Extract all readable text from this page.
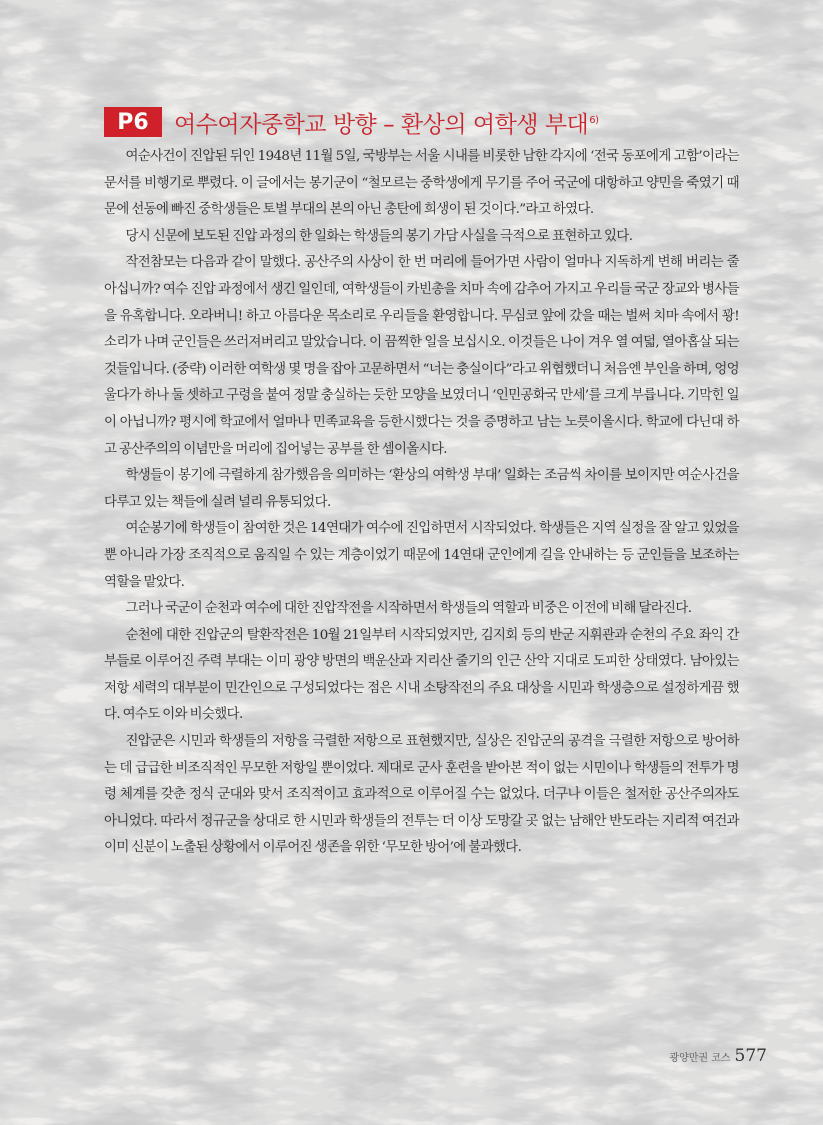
P6	여수여자중학교 방향 – 환상의 여학생 부대$^{6)}$

여순사건이 진압된 뒤인 1948년 11월 5일, 국방부는 서울 시내를 비롯한 남한 각지에 ‘전국 동포에게 고함’이라는 문서를 비행기로 뿌렸다. 이 글에서는 봉기군이 “철모르는 중학생에게 무기를 주어 국군에 대항하고 양민을 죽였기 때문에 선동에 빠진 중학생들은 토벌 부대의 본의 아닌 총탄에 희생이 된 것이다.”라고 하였다.

당시 신문에 보도된 진압 과정의 한 일화는 학생들의 봉기 가담 사실을 극적으로 표현하고 있다.

작전참모는 다음과 같이 말했다. 공산주의 사상이 한 번 머리에 들어가면 사람이 얼마나 지독하게 변해 버리는 줄 아십니까? 여수 진압 과정에서 생긴 일인데, 여학생들이 카빈총을 치마 속에 감추어 가지고 우리들 국군 장교와 병사들을 유혹합니다. 오라버니! 하고 아름다운 목소리로 우리들을 환영합니다. 무심코 앞에 갔을 때는 벌써 치마 속에서 꽝! 소리가 나며 군인들은 쓰러져버리고 말았습니다. 이 끔찍한 일을 보십시오. 이것들은 나이 겨우 열 여덟, 열아홉살 되는 것들입니다. (중략) 이러한 여학생 몇 명을 잡아 고문하면서 “너는 충실이다”라고 위협했더니 처음엔 부인을 하며, 엉엉 울다가 하나 둘 셋하고 구령을 붙여 정말 충실하는 듯한 모양을 보였더니 ‘인민공화국 만세’를 크게 부릅니다. 기막힌 일이 아닙니까? 평시에 학교에서 얼마나 민족교육을 등한시했다는 것을 증명하고 남는 노릇이올시다. 학교에 다닌대 하고 공산주의의 이념만을 머리에 집어넣는 공부를 한 셈이올시다.

학생들이 봉기에 극렬하게 참가했음을 의미하는 ‘환상의 여학생 부대’ 일화는 조금씩 차이를 보이지만 여순사건을 다루고 있는 책들에 실려 널리 유통되었다.

여순봉기에 학생들이 참여한 것은 14연대가 여수에 진입하면서 시작되었다. 학생들은 지역 실정을 잘 알고 있었을 뿐 아니라 가장 조직적으로 움직일 수 있는 계층이었기 때문에 14연대 군인에게 길을 안내하는 등 군인들을 보조하는 역할을 맡았다.

그러나 국군이 순천과 여수에 대한 진압작전을 시작하면서 학생들의 역할과 비중은 이전에 비해 달라진다.

순천에 대한 진압군의 탈환작전은 10월 21일부터 시작되었지만, 김지회 등의 반군 지휘관과 순천의 주요 좌익 간부들로 이루어진 주력 부대는 이미 광양 방면의 백운산과 지리산 줄기의 인근 산악 지대로 도피한 상태였다. 남아있는 저항 세력의 대부분이 민간인으로 구성되었다는 점은 시내 소탕작전의 주요 대상을 시민과 학생층으로 설정하게끔 했다. 여수도 이와 비슷했다.

진압군은 시민과 학생들의 저항을 극렬한 저항으로 표현했지만, 실상은 진압군의 공격을 극렬한 저항으로 방어하는 데 급급한 비조직적인 무모한 저항일 뿐이었다. 제대로 군사 훈련을 받아본 적이 없는 시민이나 학생들의 전투가 명령 체계를 갖춘 정식 군대와 맞서 조직적이고 효과적으로 이루어질 수는 없었다. 더구나 이들은 철저한 공산주의자도 아니었다. 따라서 정규군을 상대로 한 시민과 학생들의 전투는 더 이상 도망갈 곳 없는 남해안 반도라는 지리적 여건과 이미 신분이 노출된 상황에서 이루어진 생존을 위한 ‘무모한 방어’에 불과했다.

광양만권 코스 577
